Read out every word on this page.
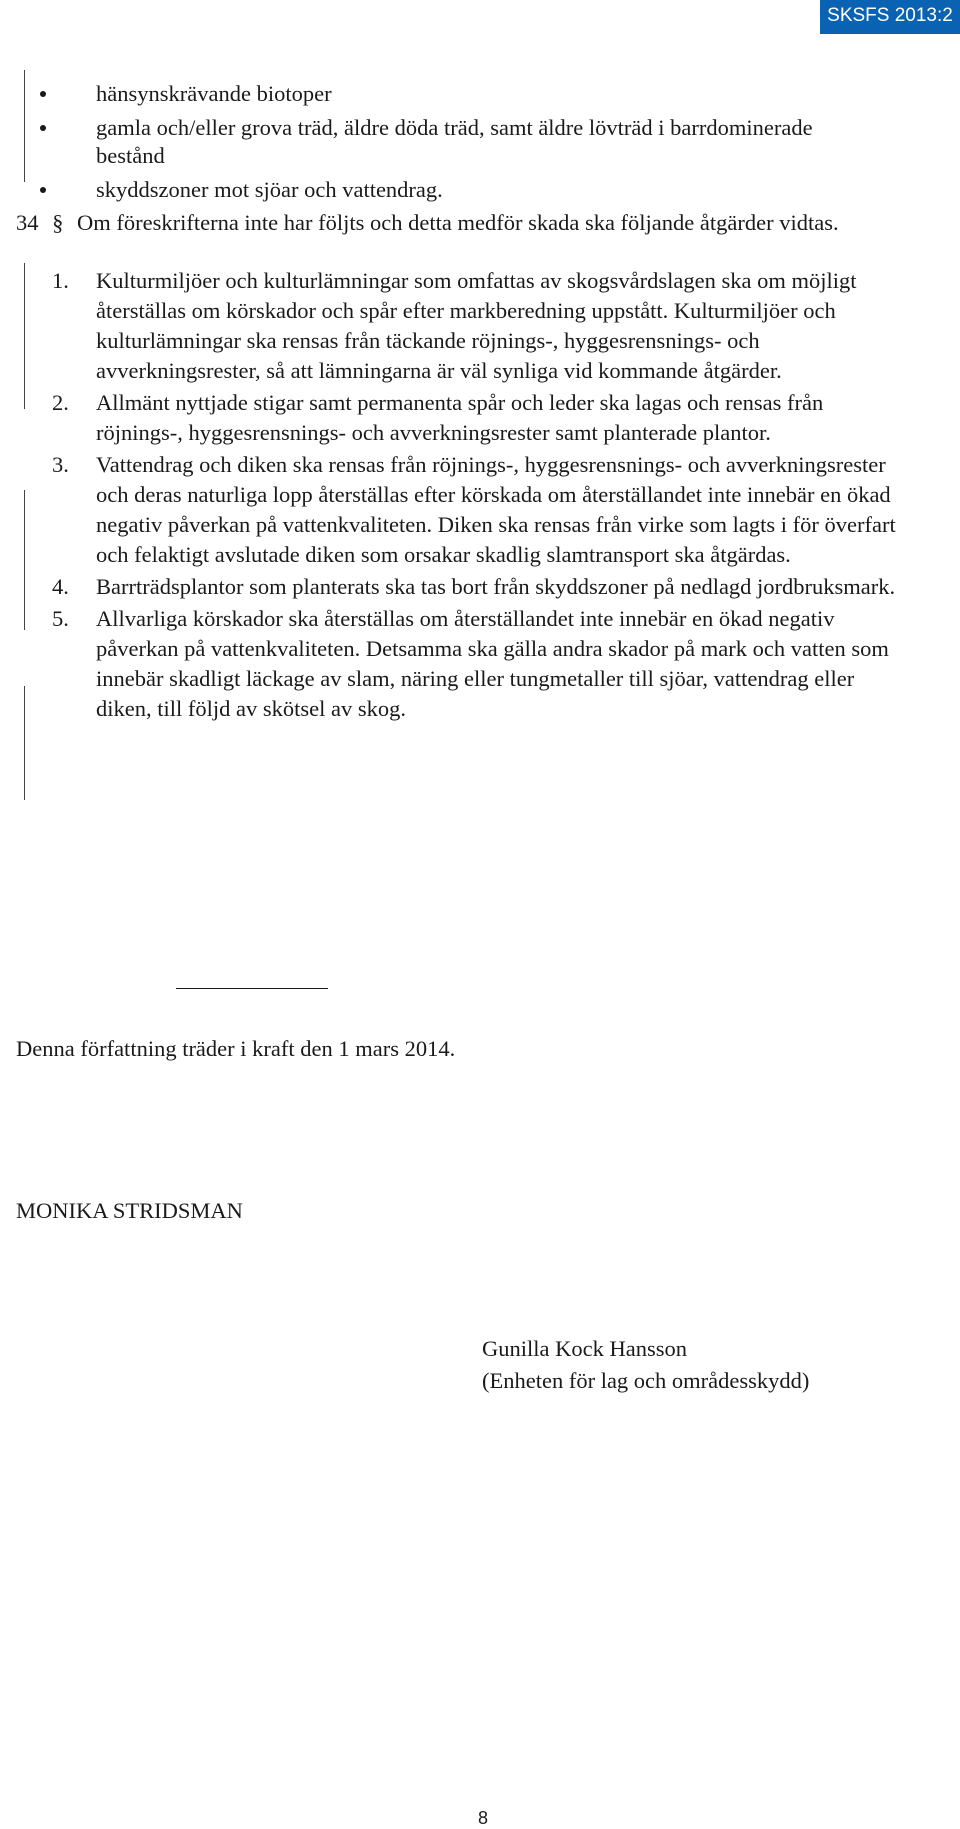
SKSFS 2013:2
hänsynskrävande biotoper
gamla och/eller grova träd, äldre döda träd, samt äldre lövträd i barrdominerade bestånd
skyddszoner mot sjöar och vattendrag.
34 § Om föreskrifterna inte har följts och detta medför skada ska följande åtgärder vidtas.
1. Kulturmiljöer och kulturlämningar som omfattas av skogsvårdslagen ska om möjligt återställas om körskador och spår efter markberedning uppstått. Kulturmiljöer och kulturlämningar ska rensas från täckande röjnings-, hyggesrensnings- och avverkningsrester, så att lämningarna är väl synliga vid kommande åtgärder.
2. Allmänt nyttjade stigar samt permanenta spår och leder ska lagas och rensas från röjnings-, hyggesrensnings- och avverkningsrester samt planterade plantor.
3. Vattendrag och diken ska rensas från röjnings-, hyggesrensnings- och avverkningsrester och deras naturliga lopp återställas efter körskada om återställandet inte innebär en ökad negativ påverkan på vattenkvaliteten. Diken ska rensas från virke som lagts i för överfart och felaktigt avslutade diken som orsakar skadlig slamtransport ska åtgärdas.
4. Barrträdsplantor som planterats ska tas bort från skyddszoner på nedlagd jordbruksmark.
5. Allvarliga körskador ska återställas om återställandet inte innebär en ökad negativ påverkan på vattenkvaliteten. Detsamma ska gälla andra skador på mark och vatten som innebär skadligt läckage av slam, näring eller tungmetaller till sjöar, vattendrag eller diken, till följd av skötsel av skog.
Denna författning träder i kraft den 1 mars 2014.
MONIKA STRIDSMAN
Gunilla Kock Hansson
(Enheten för lag och områdesskydd)
8
